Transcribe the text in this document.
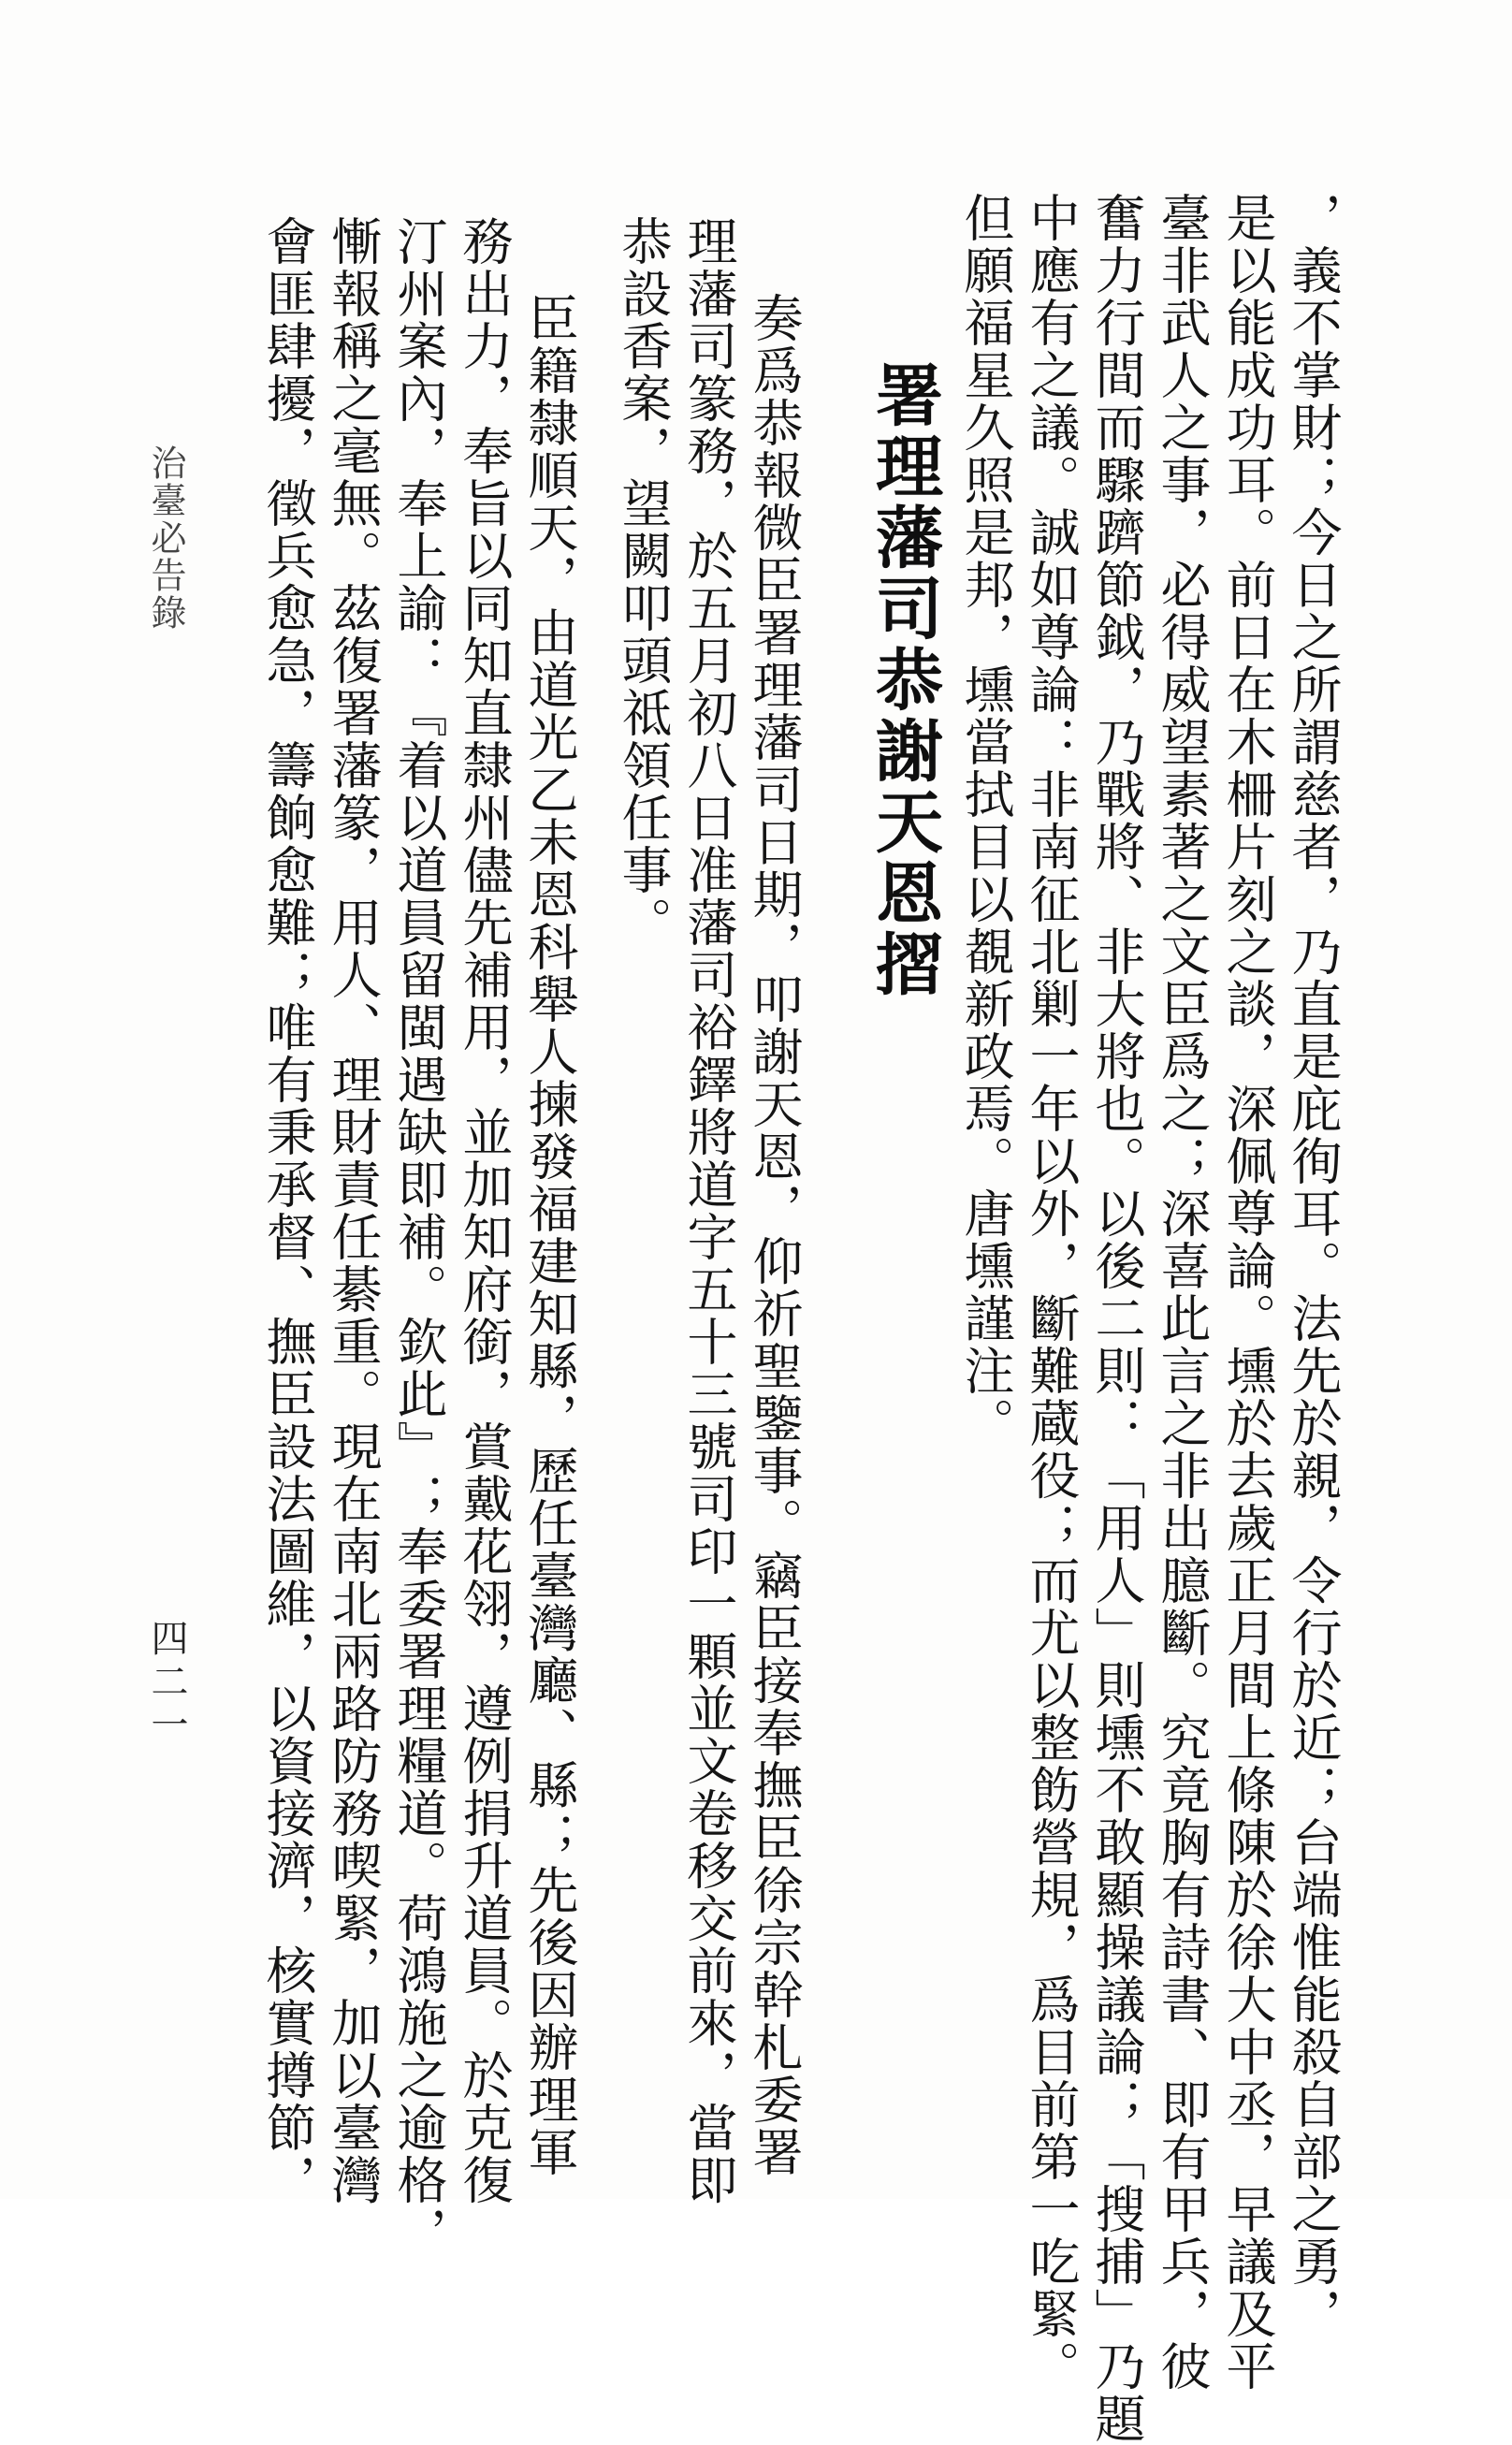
，義不掌財；今日之所謂慈者，乃直是庇徇耳。法先於親，令行於近；台端惟能殺自部之勇，
是以能成功耳。前日在木柵片刻之談，深佩尊論。壎於去歲正月間上條陳於徐大中丞，早議及平
臺非武人之事，必得威望素著之文臣爲之；深喜此言之非出臆斷。究竟胸有詩書、即有甲兵，彼
奮力行間而驟躋節鉞，乃戰將、非大將也。以後二則：「用人」則壎不敢顯操議論；「搜捕」乃題
中應有之議。誠如尊論：非南征北剿一年以外，斷難蔵役；而尤以整飭營規，爲目前第一吃緊。
但願福星久照是邦，壎當拭目以覩新政焉。唐壎謹注。
署理藩司恭謝天恩摺
奏爲恭報微臣署理藩司日期，叩謝天恩，仰祈聖鑒事。竊臣接奉撫臣徐宗幹札委署
理藩司篆務，於五月初八日准藩司裕鐸將道字五十三號司印一顆並文卷移交前來，當即
恭設香案，望闕叩頭祗領任事。
臣籍隸順天，由道光乙未恩科舉人揀發福建知縣，歷任臺灣廳、縣；先後因辦理軍
務出力，奉旨以同知直隸州儘先補用，並加知府銜，賞戴花翎，遵例捐升道員。於克復
汀州案內，奉上諭：『着以道員留閩遇缺即補。欽此』；奉委署理糧道。荷鴻施之逾格，
慚報稱之毫無。茲復署藩篆，用人、理財責任綦重。現在南北兩路防務喫緊，加以臺灣
會匪肆擾，徵兵愈急，籌餉愈難；唯有秉承督、撫臣設法圖維，以資接濟，核實撙節，
治臺必告錄
四二一
